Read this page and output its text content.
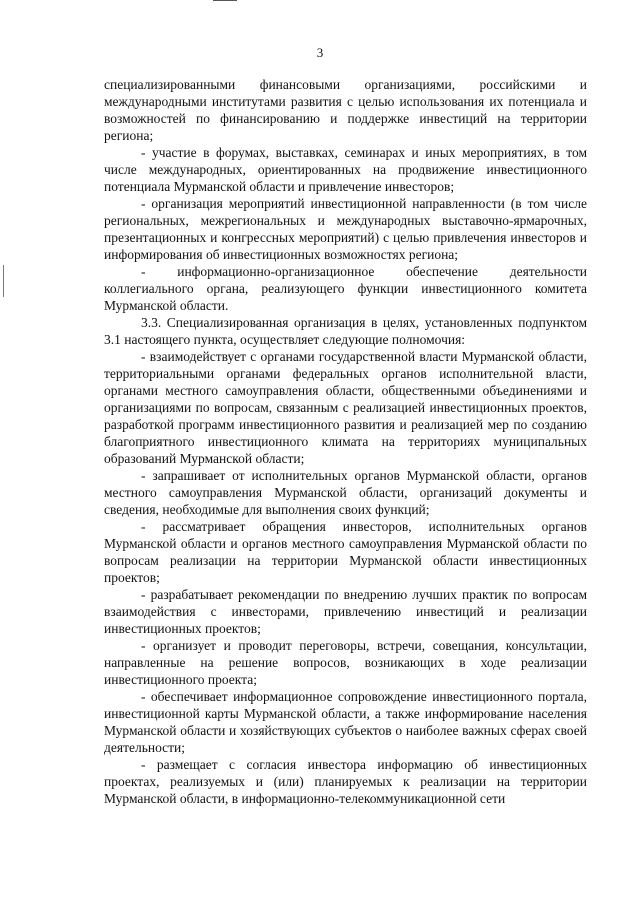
3

специализированными финансовыми организациями, российскими и международными институтами развития с целью использования их потенциала и возможностей по финансированию и поддержке инвестиций на территории региона;

- участие в форумах, выставках, семинарах и иных мероприятиях, в том числе международных, ориентированных на продвижение инвестиционного потенциала Мурманской области и привлечение инвесторов;

- организация мероприятий инвестиционной направленности (в том числе региональных, межрегиональных и международных выставочно-ярмарочных, презентационных и конгрессных мероприятий) с целью привлечения инвесторов и информирования об инвестиционных возможностях региона;

- информационно-организационное обеспечение деятельности коллегиального органа, реализующего функции инвестиционного комитета Мурманской области.

3.3. Специализированная организация в целях, установленных подпунктом 3.1 настоящего пункта, осуществляет следующие полномочия:

- взаимодействует с органами государственной власти Мурманской области, территориальными органами федеральных органов исполнительной власти, органами местного самоуправления области, общественными объединениями и организациями по вопросам, связанным с реализацией инвестиционных проектов, разработкой программ инвестиционного развития и реализацией мер по созданию благоприятного инвестиционного климата на территориях муниципальных образований Мурманской области;

- запрашивает от исполнительных органов Мурманской области, органов местного самоуправления Мурманской области, организаций документы и сведения, необходимые для выполнения своих функций;

- рассматривает обращения инвесторов, исполнительных органов Мурманской области и органов местного самоуправления Мурманской области по вопросам реализации на территории Мурманской области инвестиционных проектов;

- разрабатывает рекомендации по внедрению лучших практик по вопросам взаимодействия с инвесторами, привлечению инвестиций и реализации инвестиционных проектов;

- организует и проводит переговоры, встречи, совещания, консультации, направленные на решение вопросов, возникающих в ходе реализации инвестиционного проекта;

- обеспечивает информационное сопровождение инвестиционного портала, инвестиционной карты Мурманской области, а также информирование населения Мурманской области и хозяйствующих субъектов о наиболее важных сферах своей деятельности;

- размещает с согласия инвестора информацию об инвестиционных проектах, реализуемых и (или) планируемых к реализации на территории Мурманской области, в информационно-телекоммуникационной сети
